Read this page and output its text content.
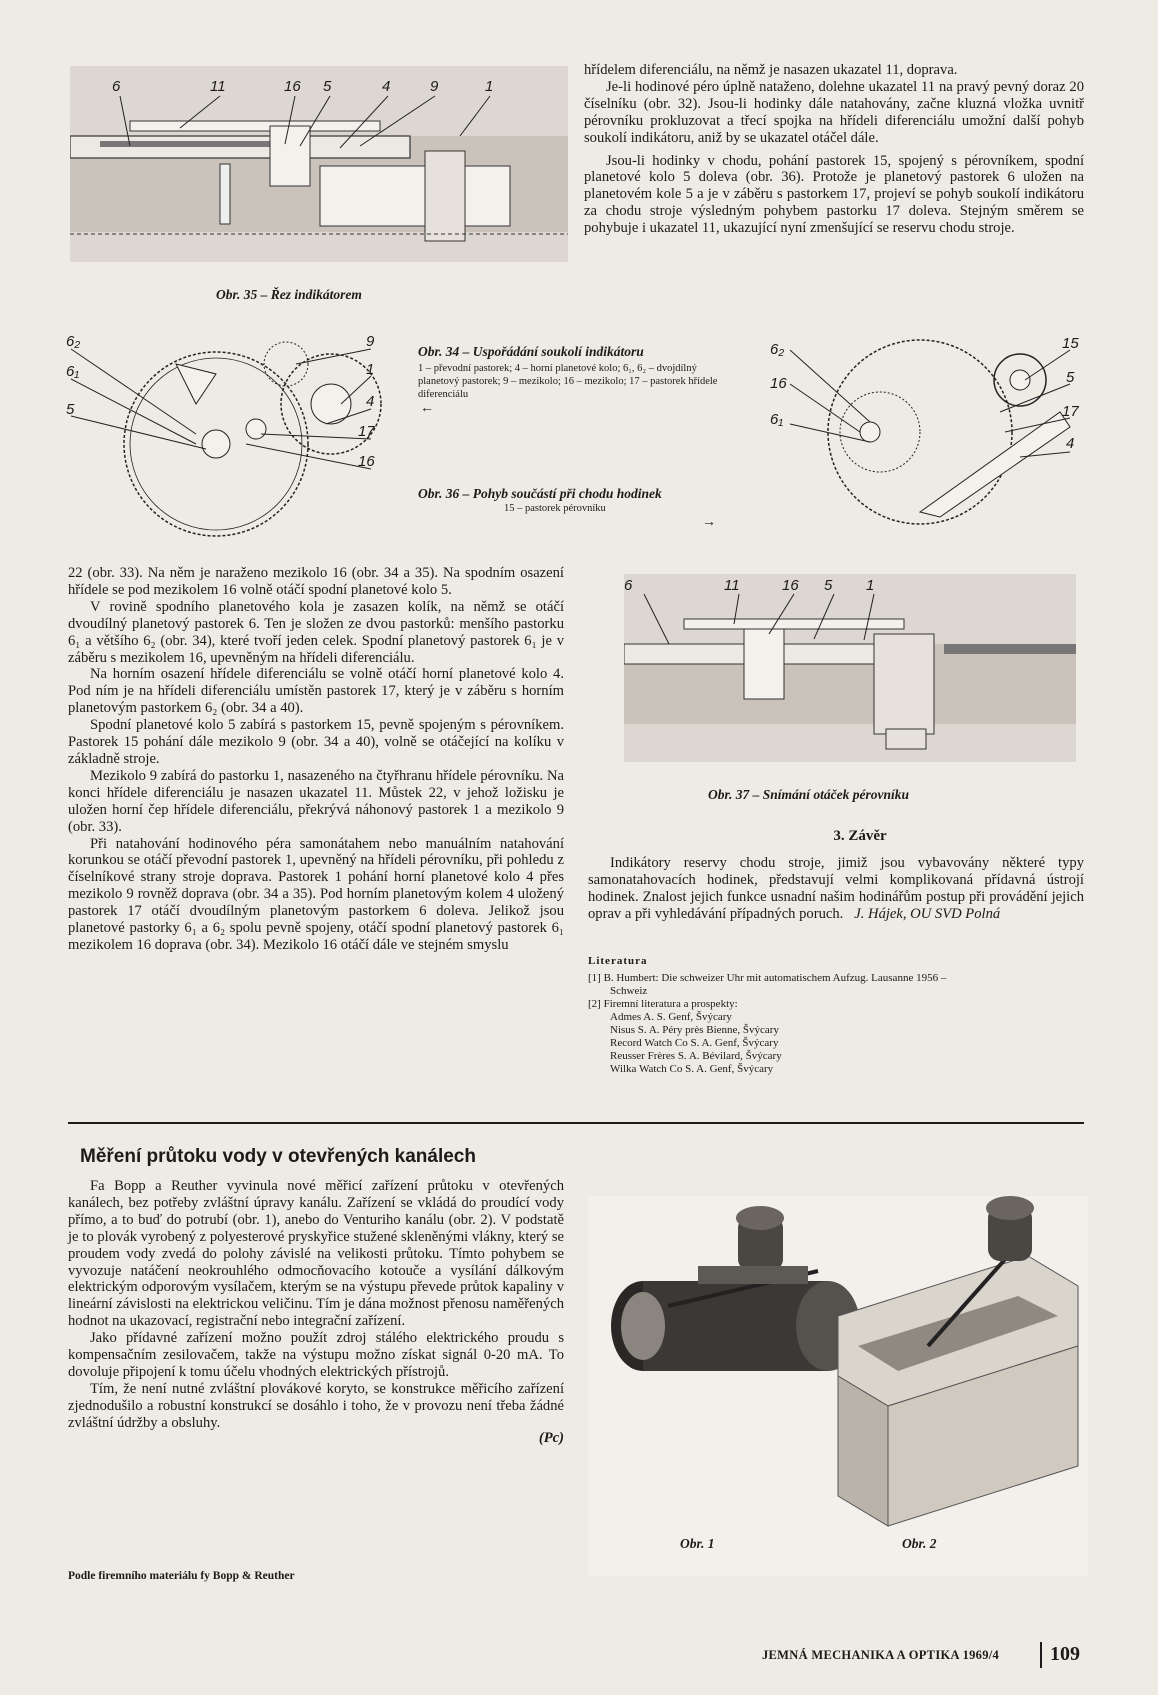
6	11	16 5	4	9	1
Obr. 35 – Řez indikátorem

hřídelem diferenciálu, na němž je nasazen ukazatel 11, doprava.

Je-li hodinové péro úplně nataženo, dolehne ukazatel 11 na pravý pevný doraz 20 číselníku (obr. 32). Jsou-li hodinky dále natahovány, začne kluzná vložka uvnitř pérovníku prokluzovat a třecí spojka na hřídeli diferenciálu umožní další pohyb soukolí indikátoru, aniž by se ukazatel otáčel dále.

Jsou-li hodinky v chodu, pohání pastorek 15, spojený s pérovníkem, spodní planetové kolo 5 doleva (obr. 36). Protože je planetový pastorek 6 uložen na planetovém kole 5 a je v záběru s pastorkem 17, projeví se pohyb soukolí indikátoru za chodu stroje výsledným pohybem pastorku 17 doleva. Stejným směrem se pohybuje i ukazatel 11, ukazující nyní zmenšující se reservu chodu stroje.

6₂
6₁
5
9
1
4
17
16
Obr. 34 – Uspořádání soukolí indikátoru
1 – převodní pastorek; 4 – horní planetové kolo; 6₁, 6₂ – dvojdílný planetový pastorek; 9 – mezikolo; 16 – mezikolo; 17 – pastorek hřídele diferenciálu
←
6₂
16
6₁
15
5
17
4
Obr. 36 – Pohyb součástí při chodu hodinek
15 – pastorek pérovníku
→

22 (obr. 33). Na něm je naraženo mezikolo 16 (obr. 34 a 35). Na spodním osazení hřídele se pod mezikolem 16 volně otáčí spodní planetové kolo 5.

V rovině spodního planetového kola je zasazen kolík, na němž se otáčí dvoudílný planetový pastorek 6. Ten je složen ze dvou pastorků: menšího pastorku 6₁ a většího 6₂ (obr. 34), které tvoří jeden celek. Spodní planetový pastorek 6₁ je v záběru s mezikolem 16, upevněným na hřídeli diferenciálu.

Na horním osazení hřídele diferenciálu se volně otáčí horní planetové kolo 4. Pod ním je na hřídeli diferenciálu umístěn pastorek 17, který je v záběru s horním planetovým pastorkem 6₂ (obr. 34 a 40).

Spodní planetové kolo 5 zabírá s pastorkem 15, pevně spojeným s pérovníkem. Pastorek 15 pohání dále mezikolo 9 (obr. 34 a 40), volně se otáčející na kolíku v základně stroje.

Mezikolo 9 zabírá do pastorku 1, nasazeného na čtyřhranu hřídele pérovníku. Na konci hřídele diferenciálu je nasazen ukazatel 11. Můstek 22, v jehož ložisku je uložen horní čep hřídele diferenciálu, překrývá náhonový pastorek 1 a mezikolo 9 (obr. 33).

Při natahování hodinového péra samonátahem nebo manuálním natahování korunkou se otáčí převodní pastorek 1, upevněný na hřídeli pérovníku, při pohledu z číselníkové strany stroje doprava. Pastorek 1 pohání horní planetové kolo 4 přes mezikolo 9 rovněž doprava (obr. 34 a 35). Pod horním planetovým kolem 4 uložený pastorek 17 otáčí dvoudílným planetovým pastorkem 6 doleva. Jelikož jsou planetové pastorky 6₁ a 6₂ spolu pevně spojeny, otáčí spodní planetový pastorek 6₁ mezikolem 16 doprava (obr. 34). Mezikolo 16 otáčí dále ve stejném smyslu

6	11	16 5 1
Obr. 37 – Snímání otáček pérovníku
3. Závěr

Indikátory reservy chodu stroje, jimiž jsou vybavovány některé typy samonatahovacích hodinek, představují velmi komplikovaná přídavná ústrojí hodinek. Znalost jejich funkce usnadní našim hodinářům postup při provádění jejich oprav a při vyhledávání případných poruch. J. Hájek, OU SVD Polná

Literatura
[1] B. Humbert: Die schweizer Uhr mit automatischem Aufzug. Lausanne 1956 –
Schweiz
[2] Firemní literatura a prospekty:
Admes A. S. Genf, Švýcary
Nisus S. A. Péry près Bienne, Švýcary
Record Watch Co S. A. Genf, Švýcary
Reusser Frères S. A. Bévilard, Švýcary
Wilka Watch Co S. A. Genf, Švýcary
Měření průtoku vody v otevřených kanálech

Fa Bopp a Reuther vyvinula nové měřicí zařízení průtoku v otevřených kanálech, bez potřeby zvláštní úpravy kanálu. Zařízení se vkládá do proudící vody přímo, a to buď do potrubí (obr. 1), anebo do Venturiho kanálu (obr. 2). V podstatě je to plovák vyrobený z polyesterové pryskyřice stužené skleněnými vlákny, který se proudem vody zvedá do polohy závislé na velikosti průtoku. Tímto pohybem se vyvozuje natáčení neokrouhlého odmocňovacího kotouče a vysílání dálkovým elektrickým odporovým vysílačem, kterým se na výstupu převede průtok kapaliny v lineární závislosti na elektrickou veličinu. Tím je dána možnost přenosu naměřených hodnot na ukazovací, registrační nebo integrační zařízení.

Jako přídavné zařízení možno použít zdroj stálého elektrického proudu s kompensačním zesilovačem, takže na výstupu možno získat signál 0-20 mA. To dovoluje připojení k tomu účelu vhodných elektrických přístrojů.

Tím, že není nutné zvláštní plovákové koryto, se konstrukce měřicího zařízení zjednodušilo a robustní konstrukcí se dosáhlo i toho, že v provozu není třeba žádné zvláštní údržby a obsluhy.

(Pc)
Podle firemního materiálu fy Bopp & Reuther
Obr. 1	Obr. 2
JEMNÁ MECHANIKA A OPTIKA 1969/4	109
